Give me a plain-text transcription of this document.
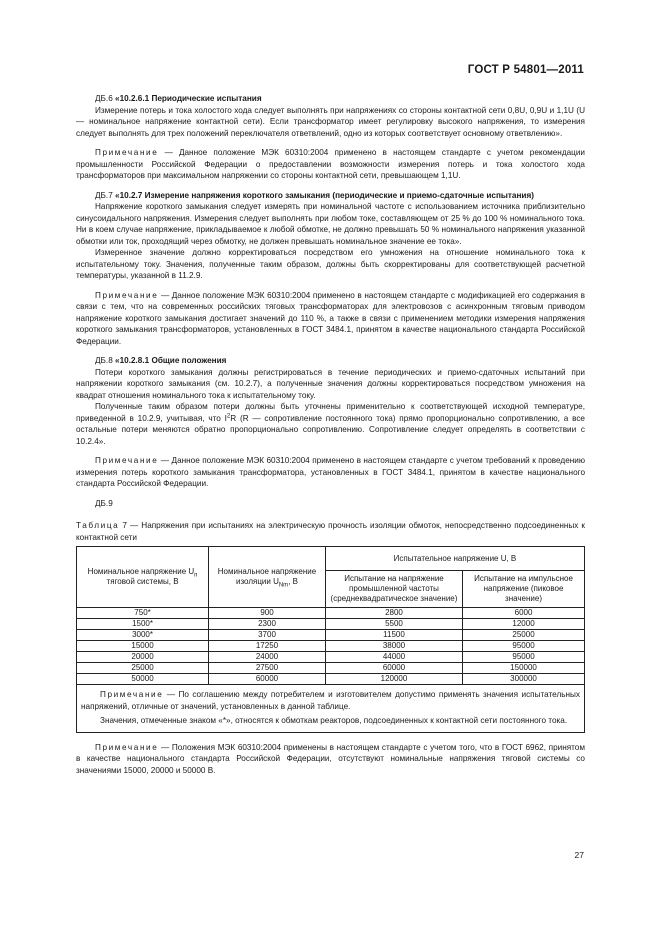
ГОСТ Р 54801—2011

ДБ.6 «10.2.6.1 Периодические испытания

Измерение потерь и тока холостого хода следует выполнять при напряжениях со стороны контактной сети 0,8U, 0,9U и 1,1U (U — номинальное напряжение контактной сети). Если трансформатор имеет регулировку высокого напряжения, то измерения следует выполнять для трех положений переключателя ответвлений, одно из которых соответствует основному ответвлению».

Примечание — Данное положение МЭК 60310:2004 применено в настоящем стандарте с учетом рекомендации промышленности Российской Федерации о предоставлении возможности измерения потерь и тока холостого хода трансформаторов при максимальном напряжении со стороны контактной сети, превышающем 1,1U.

ДБ.7 «10.2.7 Измерение напряжения короткого замыкания (периодические и приемо-сдаточные испытания)

Напряжение короткого замыкания следует измерять при номинальной частоте с использованием источника приблизительно синусоидального напряжения. Измерения следует выполнять при любом токе, составляющем от 25 % до 100 % номинального тока. Ни в коем случае напряжение, прикладываемое к любой обмотке, не должно превышать 50 % номинального напряжения указанной обмотки или ток, проходящий через обмотку, не должен превышать номинальное значение ее тока».

Измеренное значение должно корректироваться посредством его умножения на отношение номинального тока к испытательному току. Значения, полученные таким образом, должны быть скорректированы для соответствующей расчетной температуры, указанной в 11.2.9.

Примечание — Данное положение МЭК 60310:2004 применено в настоящем стандарте с модификацией его содержания в связи с тем, что на современных российских тяговых трансформаторах для электровозов с асинхронным тяговым приводом напряжение короткого замыкания достигает значений до 110 %, а также в связи с применением методики измерения напряжения короткого замыкания трансформаторов, установленных в ГОСТ 3484.1, принятом в качестве национального стандарта Российской Федерации.

ДБ.8 «10.2.8.1 Общие положения

Потери короткого замыкания должны регистрироваться в течение периодических и приемо-сдаточных испытаний при напряжении короткого замыкания (см. 10.2.7), а полученные значения должны корректироваться посредством умножения на квадрат отношения номинального тока к испытательному току.

Полученные таким образом потери должны быть уточнены применительно к соответствующей исходной температуре, приведенной в 10.2.9, учитывая, что $I^2R$ (R — сопротивление постоянного тока) прямо пропорционально сопротивлению, а все остальные потери меняются обратно пропорционально сопротивлению. Сопротивление следует определять в соответствии с 10.2.4».

Примечание — Данное положение МЭК 60310:2004 применено в настоящем стандарте с учетом требований к проведению измерения потерь короткого замыкания трансформатора, установленных в ГОСТ 3484.1, принятом в качестве национального стандарта Российской Федерации.

ДБ.9

Таблица 7 — Напряжения при испытаниях на электрическую прочность изоляции обмоток, непосредственно подсоединенных к контактной сети

Номинальное напряжение $U_п$ тяговой системы, В	Номинальное напряжение изоляции $U_{Nm}$, В	Испытательное напряжение U, В	
		Испытание на напряжение промышленной частоты (среднеквадратическое значение)	Испытание на импульсное напряжение (пиковое значение)
750*	900	2800	6000
1500*	2300	5500	12000
3000*	3700	11500	25000
15000	17250	38000	95000
20000	24000	44000	95000
25000	27500	60000	150000
50000	60000	120000	300000

Примечание — По соглашению между потребителем и изготовителем допустимо применять значения испытательных напряжений, отличные от значений, установленных в данной таблице.

Значения, отмеченные знаком «*», относятся к обмоткам реакторов, подсоединенных к контактной сети постоянного тока.

Примечание — Положения МЭК 60310:2004 применены в настоящем стандарте с учетом того, что в ГОСТ 6962, принятом в качестве национального стандарта Российской Федерации, отсутствуют номинальные напряжения тяговой системы со значениями 15000, 20000 и 50000 В.

27
